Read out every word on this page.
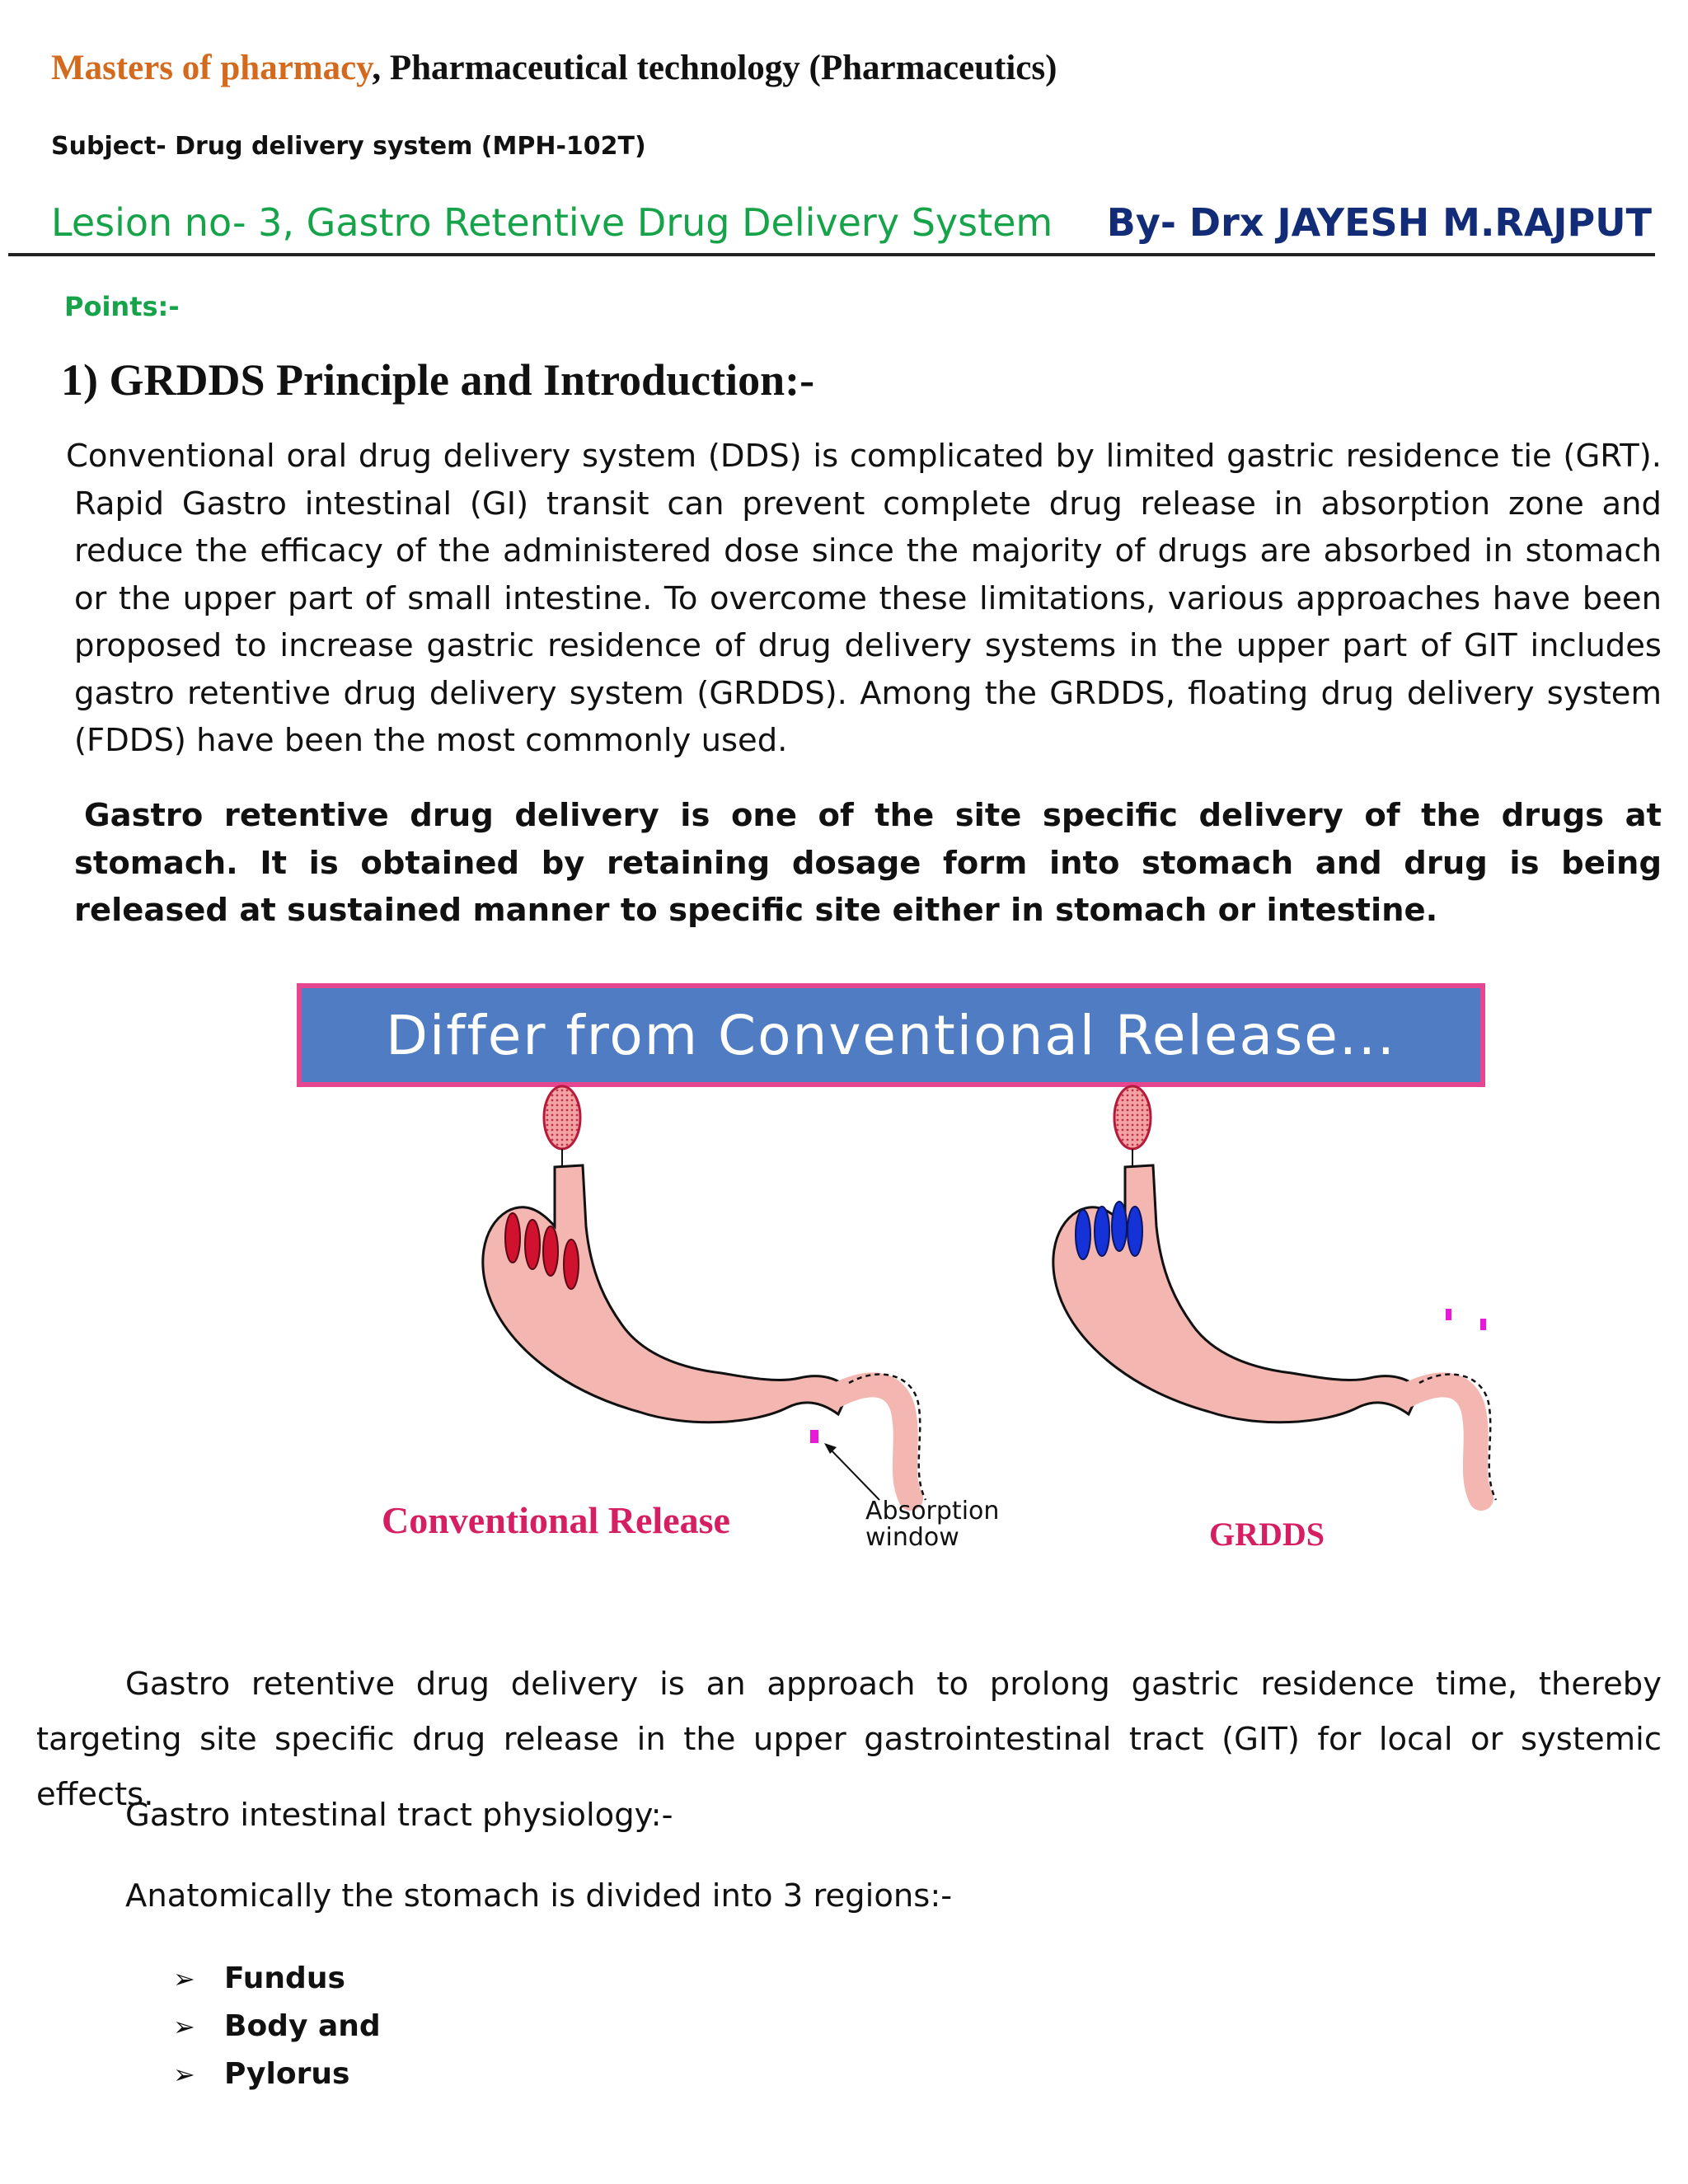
Masters of pharmacy, Pharmaceutical technology (Pharmaceutics)
Subject- Drug delivery system (MPH-102T)
Lesion no- 3, Gastro Retentive Drug Delivery System By- Drx JAYESH M.RAJPUT
Points:-
1) GRDDS Principle and Introduction:-
Conventional oral drug delivery system (DDS) is complicated by limited gastric residence tie (GRT). Rapid Gastro intestinal (GI) transit can prevent complete drug release in absorption zone and reduce the efficacy of the administered dose since the majority of drugs are absorbed in stomach or the upper part of small intestine. To overcome these limitations, various approaches have been proposed to increase gastric residence of drug delivery systems in the upper part of GIT includes gastro retentive drug delivery system (GRDDS). Among the GRDDS, floating drug delivery system (FDDS) have been the most commonly used.
Gastro retentive drug delivery is one of the site specific delivery of the drugs at stomach. It is obtained by retaining dosage form into stomach and drug is being released at sustained manner to specific site either in stomach or intestine.
Differ from Conventional Release...
Conventional Release	Absorption
window	GRDDS
Gastro retentive drug delivery is an approach to prolong gastric residence time, thereby targeting site specific drug release in the upper gastrointestinal tract (GIT) for local or systemic effects.
Gastro intestinal tract physiology:-
Anatomically the stomach is divided into 3 regions:-
➢ Fundus
➢ Body and
➢ Pylorus
